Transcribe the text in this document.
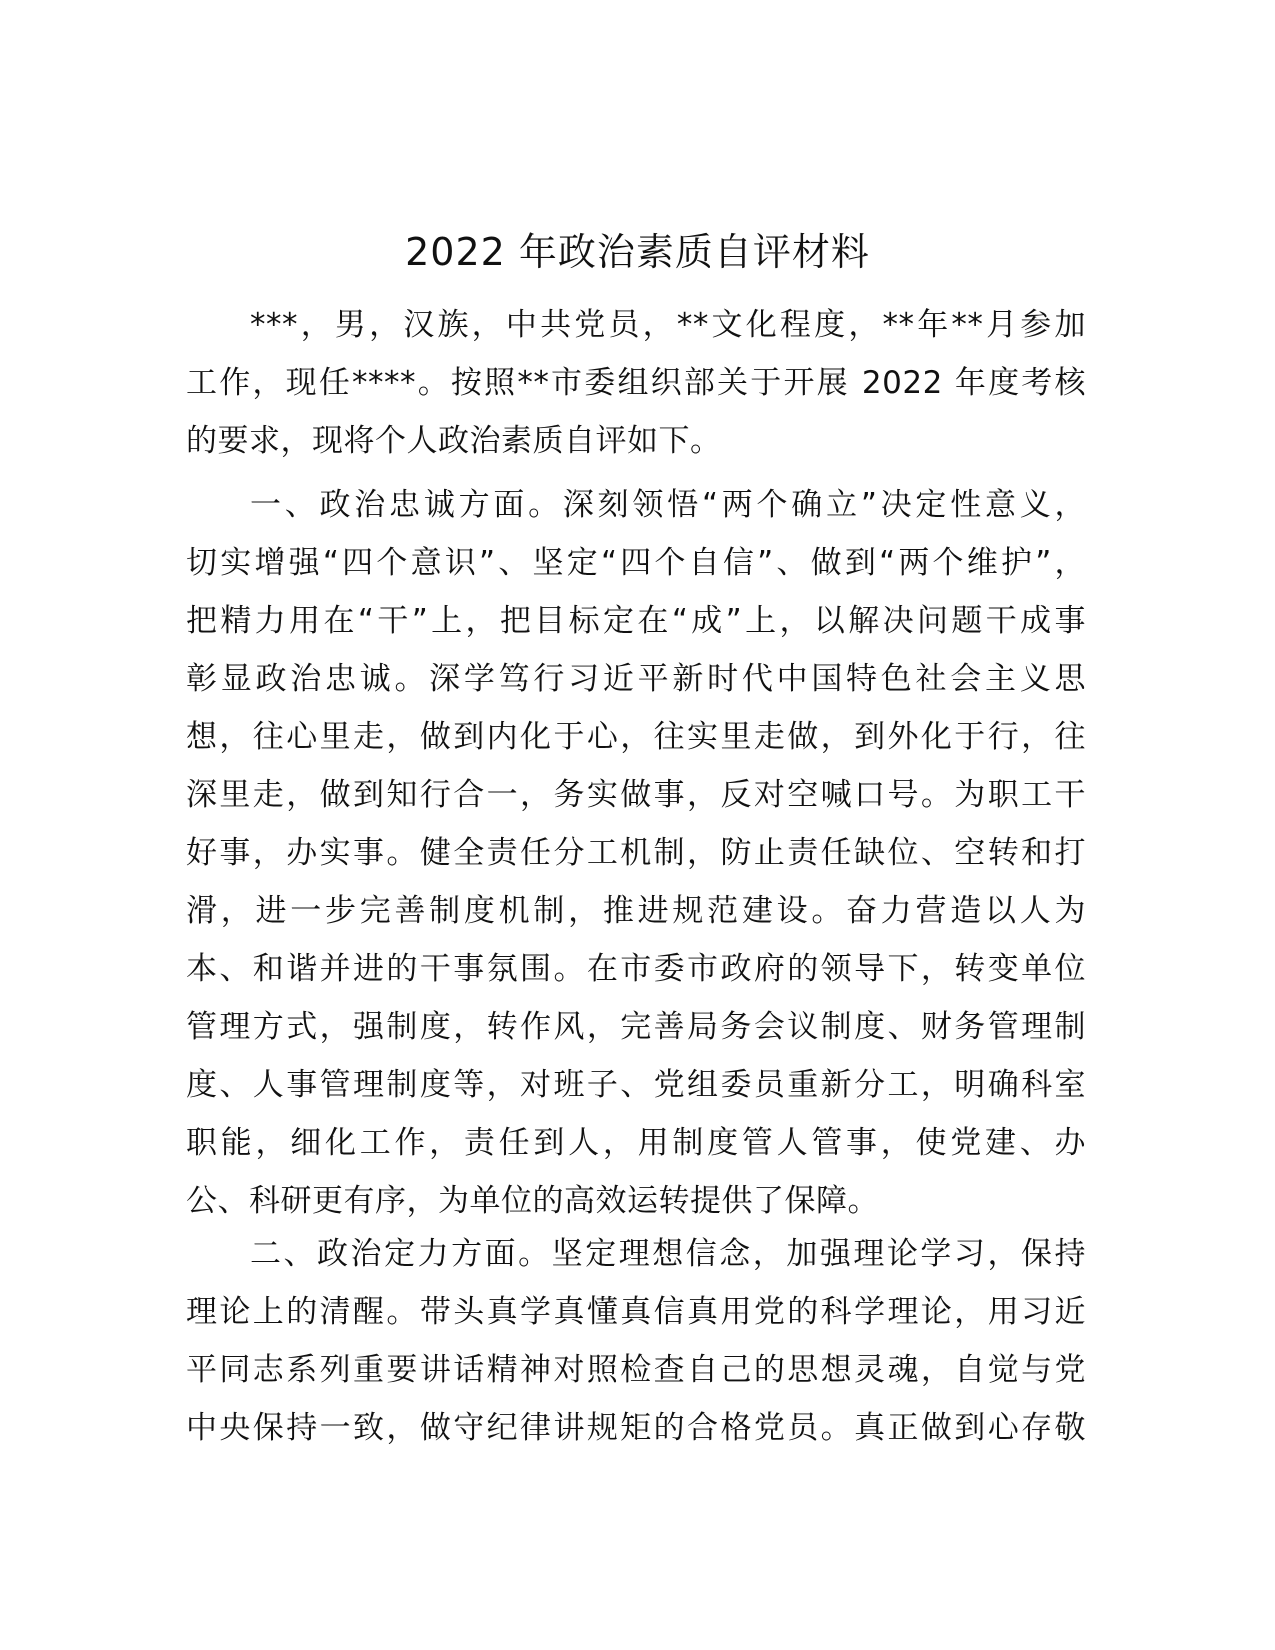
2022 年政治素质自评材料
***，男，汉族，中共党员，**文化程度，**年**月参加
工作，现任****。按照**市委组织部关于开展 2022 年度考核
的要求，现将个人政治素质自评如下。
一、政治忠诚方面。深刻领悟“两个确立”决定性意义，
切实增强“四个意识”、坚定“四个自信”、做到“两个维护”，
把精力用在“干”上，把目标定在“成”上，以解决问题干成事
彰显政治忠诚。深学笃行习近平新时代中国特色社会主义思
想，往心里走，做到内化于心，往实里走做，到外化于行，往
深里走，做到知行合一，务实做事，反对空喊口号。为职工干
好事，办实事。健全责任分工机制，防止责任缺位、空转和打
滑，进一步完善制度机制，推进规范建设。奋力营造以人为
本、和谐并进的干事氛围。在市委市政府的领导下，转变单位
管理方式，强制度，转作风，完善局务会议制度、财务管理制
度、人事管理制度等，对班子、党组委员重新分工，明确科室
职能，细化工作，责任到人，用制度管人管事，使党建、办
公、科研更有序，为单位的高效运转提供了保障。
二、政治定力方面。坚定理想信念，加强理论学习，保持
理论上的清醒。带头真学真懂真信真用党的科学理论，用习近
平同志系列重要讲话精神对照检查自己的思想灵魂，自觉与党
中央保持一致，做守纪律讲规矩的合格党员。真正做到心存敬
